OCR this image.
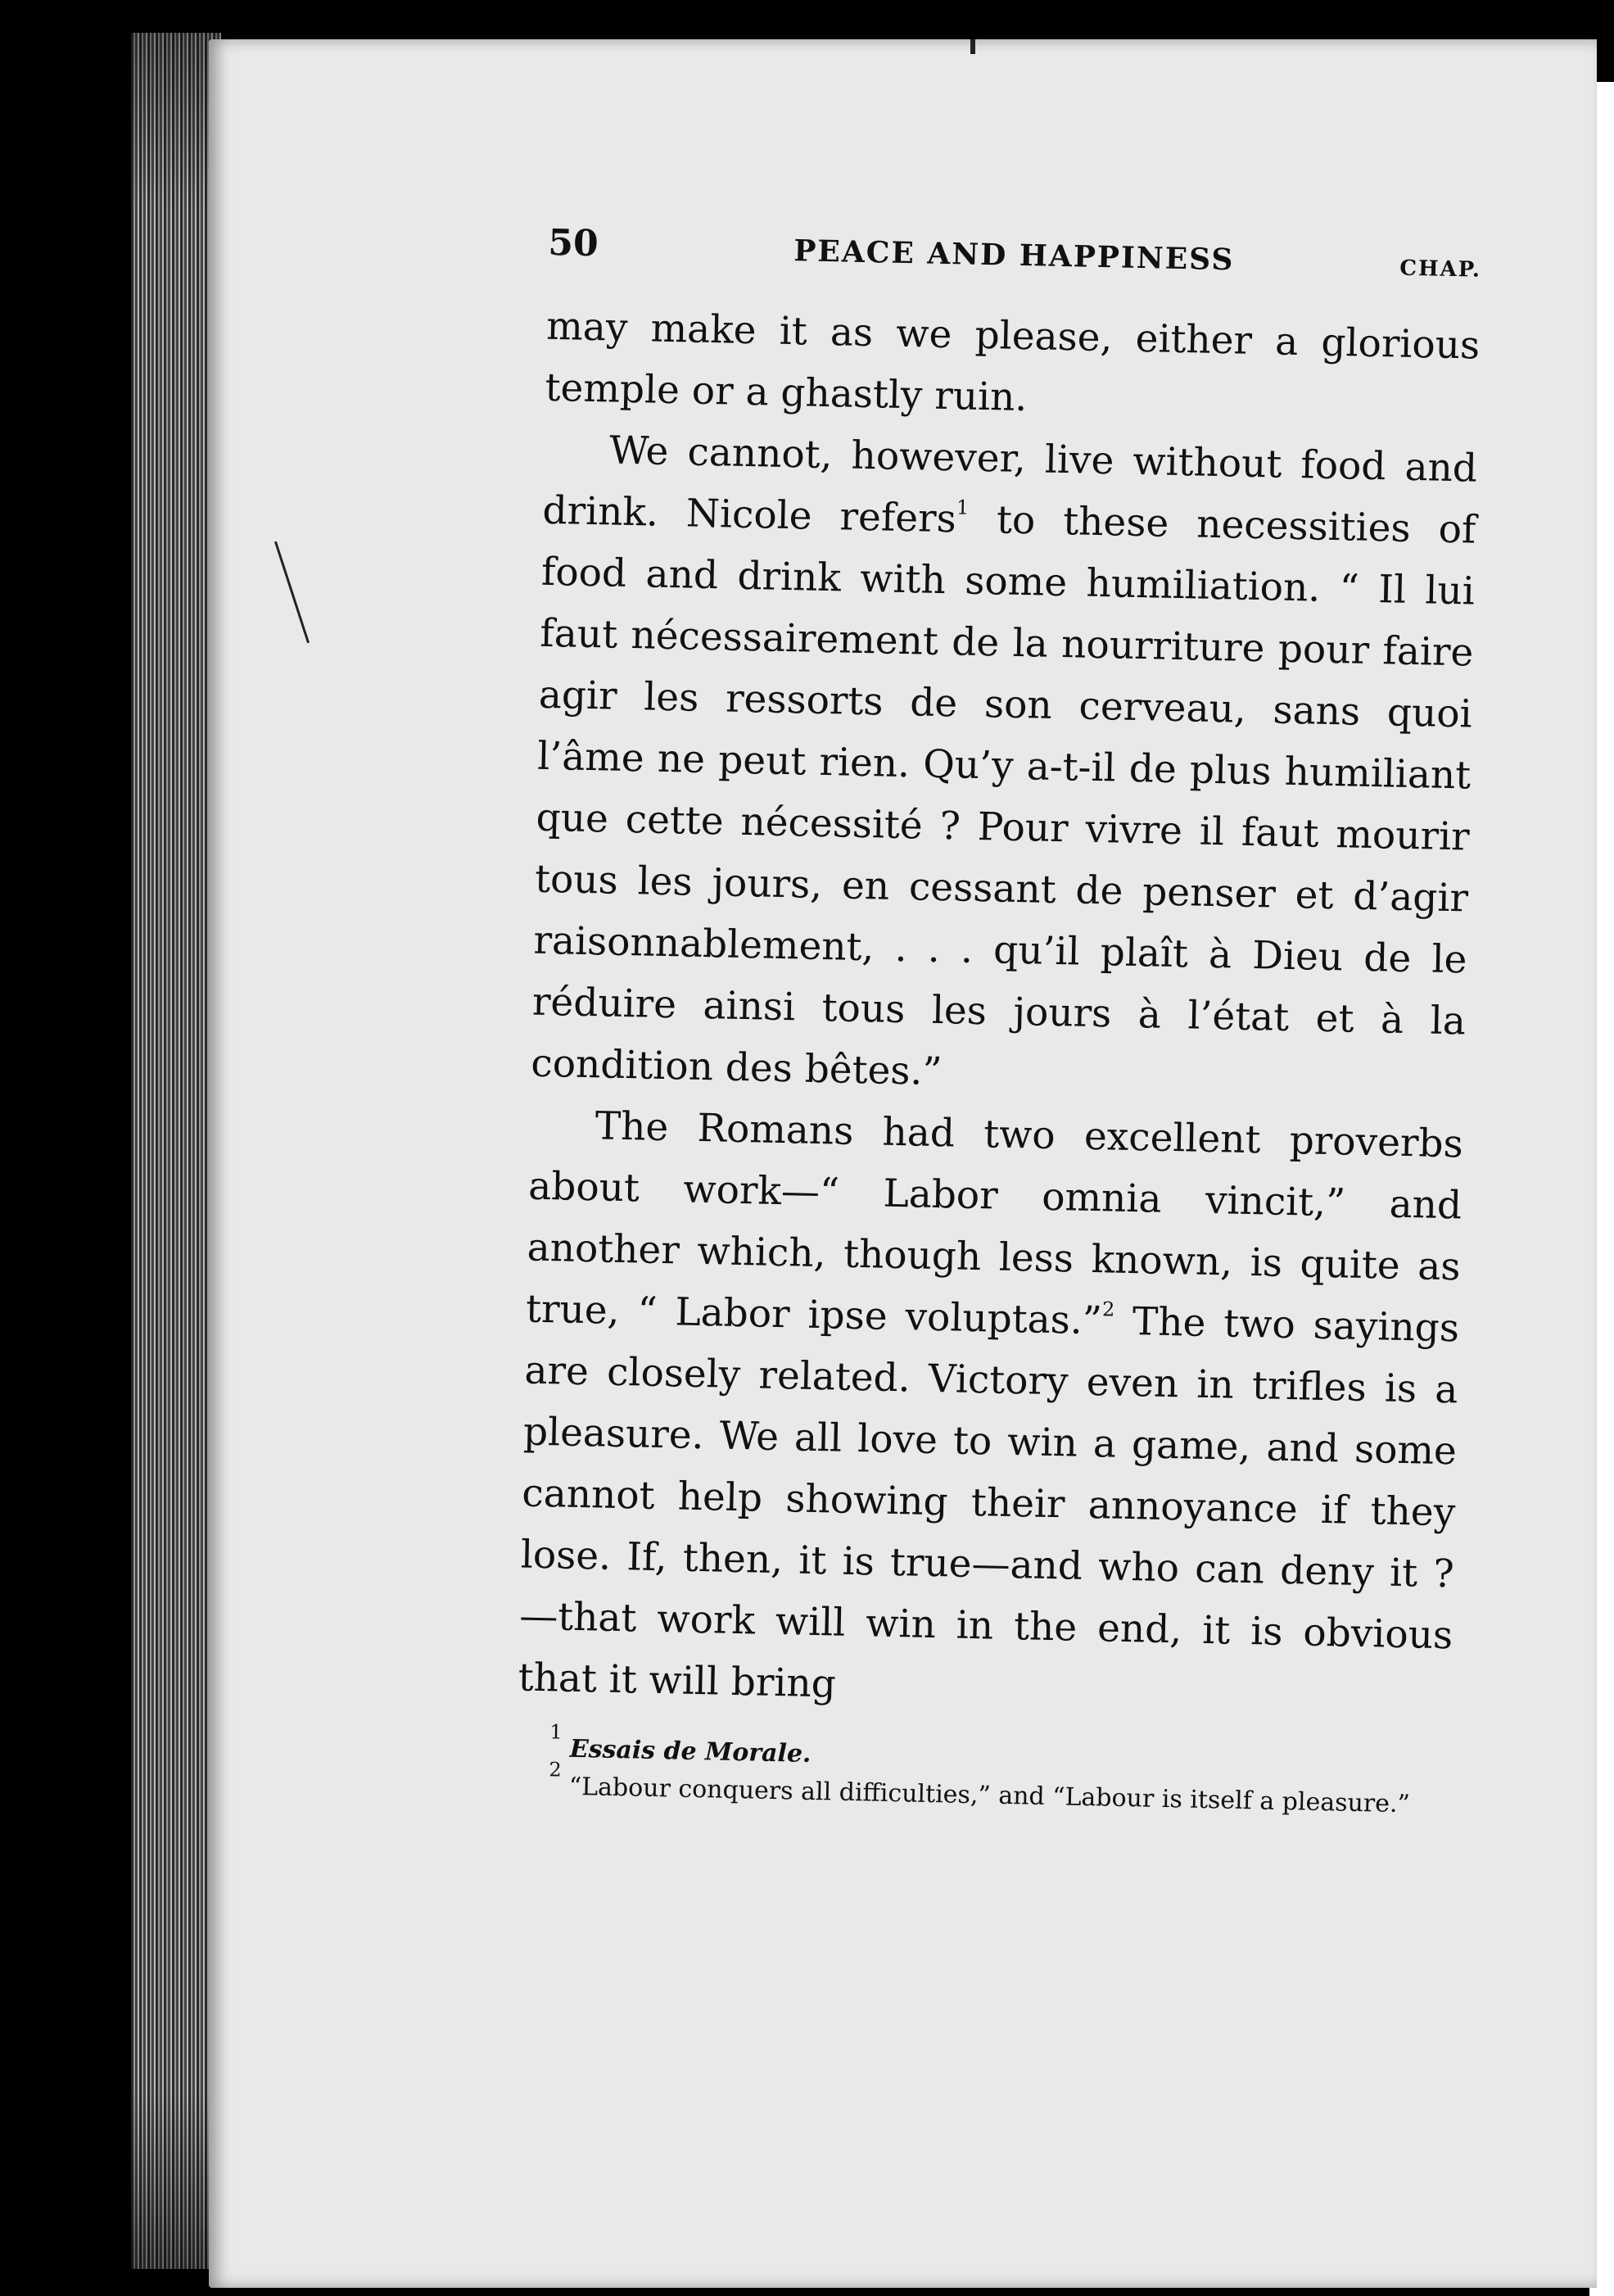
50	PEACE AND HAPPINESS	CHAP.

may make it as we please, either a glorious temple or a ghastly ruin.

We cannot, however, live without food and drink. Nicole refers$^1$ to these necessities of food and drink with some humiliation. “ Il lui faut nécessairement de la nourriture pour faire agir les ressorts de son cerveau, sans quoi l’âme ne peut rien. Qu’y a-t-il de plus humiliant que cette nécessité ? Pour vivre il faut mourir tous les jours, en cessant de penser et d’agir raisonnablement, . . . qu’il plaît à Dieu de le réduire ainsi tous les jours à l’état et à la condition des bêtes.”

The Romans had two excellent proverbs about work—“ Labor omnia vincit,” and another which, though less known, is quite as true, “ Labor ipse voluptas.”$^2$ The two sayings are closely related. Victory even in trifles is a pleasure. We all love to win a game, and some cannot help showing their annoyance if they lose. If, then, it is true—and who can deny it ?—that work will win in the end, it is obvious that it will bring

$^1$ Essais de Morale.

$^2$ “Labour conquers all difficulties,” and “Labour is itself a pleasure.”
